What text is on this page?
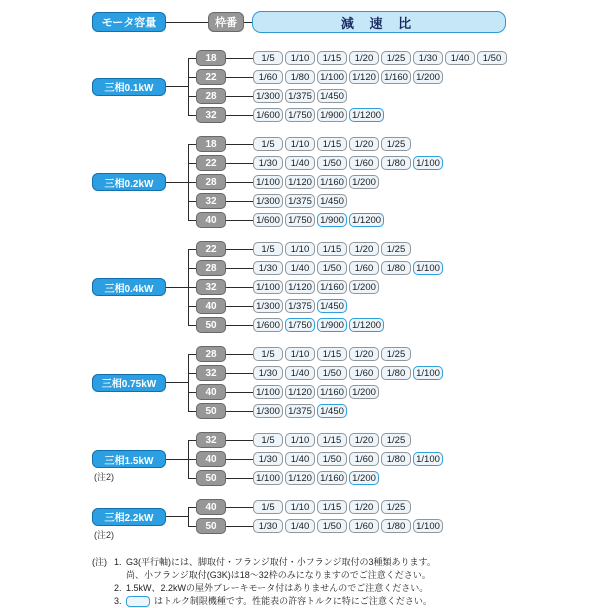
モータ容量	枠番	減 速 比
三相0.1kW
18	1/5	1/10	1/15	1/20	1/25	1/30	1/40	1/50
22	1/60	1/80	1/100 1/120 1/160 1/200
28	1/300 1/375 1/450
32	1/600 1/750 1/900 1/1200
三相0.2kW
18	1/5	1/10	1/15	1/20	1/25
22	1/30	1/40	1/50	1/60	1/80	1/100
28	1/100 1/120 1/160 1/200
32	1/300 1/375 1/450
40	1/600 1/750 1/900 1/1200
三相0.4kW
22	1/5	1/10	1/15	1/20	1/25
28	1/30	1/40	1/50	1/60	1/80	1/100
32	1/100 1/120 1/160 1/200
40	1/300 1/375 1/450
50	1/600 1/750 1/900 1/1200
三相0.75kW
28	1/5	1/10	1/15	1/20	1/25
32	1/30	1/40	1/50	1/60	1/80	1/100
40	1/100 1/120 1/160 1/200
50	1/300 1/375 1/450
三相1.5kW
(注2)
32	1/5	1/10	1/15	1/20	1/25
40	1/30	1/40	1/50	1/60	1/80	1/100
50	1/100 1/120 1/160 1/200
三相2.2kW
(注2)
40	1/5	1/10	1/15	1/20	1/25
50	1/30	1/40	1/50	1/60	1/80	1/100
(注) 1. G3(平行軸)には、脚取付・フランジ取付・小フランジ取付の3種類あります。
尚、小フランジ取付(G3K)は18～32枠のみになりますのでご注意ください。
2. 1.5kW、2.2kWの屋外ブレーキモータ付はありませんのでご注意ください。
3.	はトルク制限機種です。性能表の許容トルクに特にご注意ください。
